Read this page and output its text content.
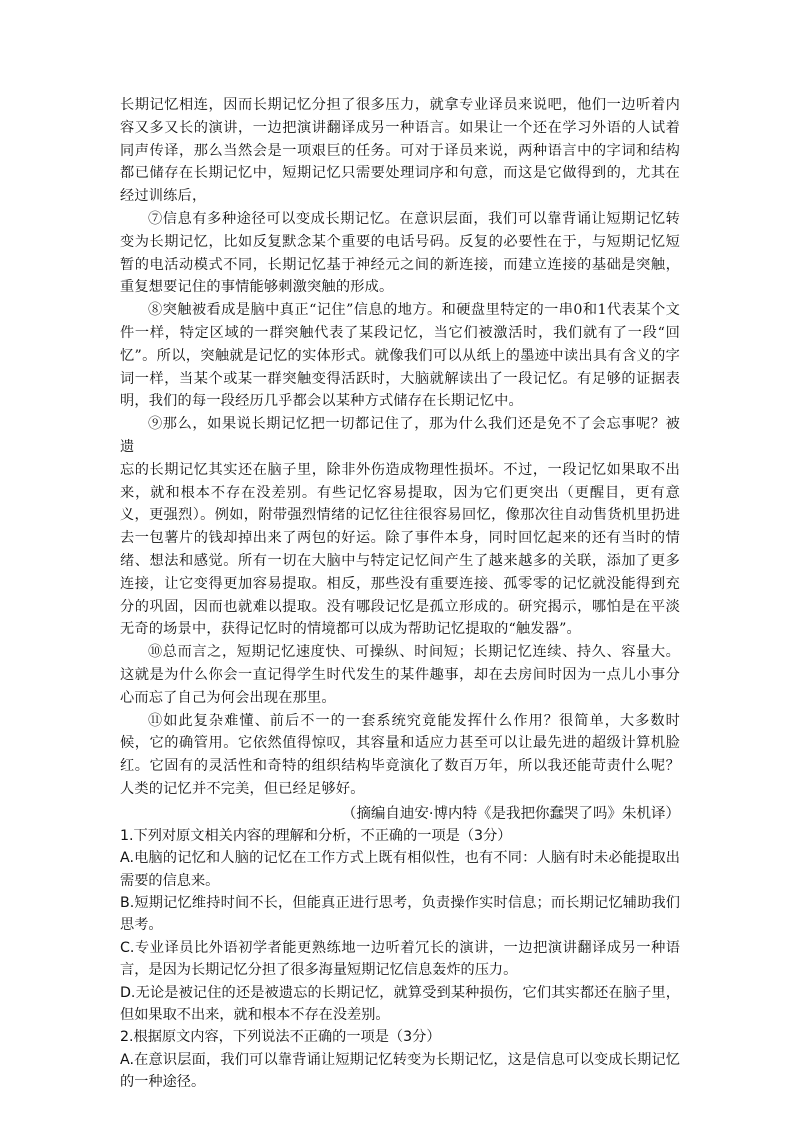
长期记忆相连，因而长期记忆分担了很多压力，就拿专业译员来说吧，他们一边听着内容又多又长的演讲，一边把演讲翻译成另一种语言。如果让一个还在学习外语的人试着同声传译，那么当然会是一项艰巨的任务。可对于译员来说，两种语言中的字词和结构都已储存在长期记忆中，短期记忆只需要处理词序和句意，而这是它做得到的，尤其在经过训练后，

⑦信息有多种途径可以变成长期记忆。在意识层面，我们可以靠背诵让短期记忆转变为长期记忆，比如反复默念某个重要的电话号码。反复的必要性在于，与短期记忆短暂的电活动模式不同，长期记忆基于神经元之间的新连接，而建立连接的基础是突触，重复想要记住的事情能够刺激突触的形成。

⑧突触被看成是脑中真正“记住”信息的地方。和硬盘里特定的一串0和1代表某个文件一样，特定区域的一群突触代表了某段记忆，当它们被激活时，我们就有了一段“回忆”。所以，突触就是记忆的实体形式。就像我们可以从纸上的墨迹中读出具有含义的字词一样，当某个或某一群突触变得活跃时，大脑就解读出了一段记忆。有足够的证据表明，我们的每一段经历几乎都会以某种方式储存在长期记忆中。

⑨那么，如果说长期记忆把一切都记住了，那为什么我们还是免不了会忘事呢？被遗

忘的长期记忆其实还在脑子里，除非外伤造成物理性损坏。不过，一段记忆如果取不出来，就和根本不存在没差别。有些记忆容易提取，因为它们更突出（更醒目，更有意义，更强烈）。例如，附带强烈情绪的记忆往往很容易回忆，像那次往自动售货机里扔进去一包薯片的钱却掉出来了两包的好运。除了事件本身，同时回忆起来的还有当时的情绪、想法和感觉。所有一切在大脑中与特定记忆间产生了越来越多的关联，添加了更多连接，让它变得更加容易提取。相反，那些没有重要连接、孤零零的记忆就没能得到充分的巩固，因而也就难以提取。没有哪段记忆是孤立形成的。研究揭示，哪怕是在平淡无奇的场景中，获得记忆时的情境都可以成为帮助记忆提取的“触发器”。

⑩总而言之，短期记忆速度快、可操纵、时间短；长期记忆连续、持久、容量大。这就是为什么你会一直记得学生时代发生的某件趣事，却在去房间时因为一点儿小事分心而忘了自己为何会出现在那里。

⑪如此复杂难懂、前后不一的一套系统究竟能发挥什么作用？很简单，大多数时候，它的确管用。它依然值得惊叹，其容量和适应力甚至可以让最先进的超级计算机脸红。它固有的灵活性和奇特的组织结构毕竟演化了数百万年，所以我还能苛责什么呢？人类的记忆并不完美，但已经足够好。

（摘编自迪安·博内特《是我把你蠢哭了吗》朱机译）

1.下列对原文相关内容的理解和分析，不正确的一项是（3分）

A.电脑的记忆和人脑的记忆在工作方式上既有相似性，也有不同：人脑有时未必能提取出需要的信息来。

B.短期记忆维持时间不长，但能真正进行思考，负责操作实时信息；而长期记忆辅助我们思考。

C.专业译员比外语初学者能更熟练地一边听着冗长的演讲，一边把演讲翻译成另一种语言，是因为长期记忆分担了很多海量短期记忆信息轰炸的压力。

D.无论是被记住的还是被遗忘的长期记忆，就算受到某种损伤，它们其实都还在脑子里，但如果取不出来，就和根本不存在没差别。

2.根据原文内容，下列说法不正确的一项是（3分）

A.在意识层面，我们可以靠背诵让短期记忆转变为长期记忆，这是信息可以变成长期记忆的一种途径。
